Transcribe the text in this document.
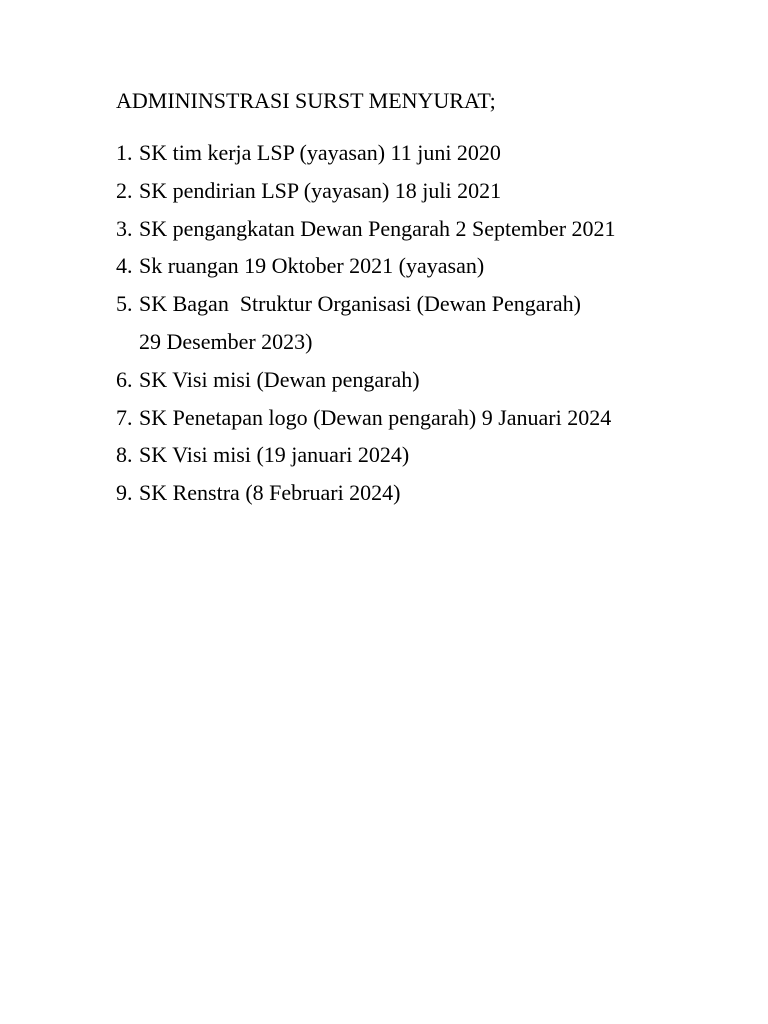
ADMININSTRASI SURST MENYURAT;
1. SK tim kerja LSP (yayasan) 11 juni 2020
2. SK pendirian LSP (yayasan) 18 juli 2021
3. SK pengangkatan Dewan Pengarah 2 September 2021
4. Sk ruangan 19 Oktober 2021 (yayasan)
5. SK Bagan  Struktur Organisasi (Dewan Pengarah)
29 Desember 2023)
6. SK Visi misi (Dewan pengarah)
7. SK Penetapan logo (Dewan pengarah) 9 Januari 2024
8. SK Visi misi (19 januari 2024)
9. SK Renstra (8 Februari 2024)
